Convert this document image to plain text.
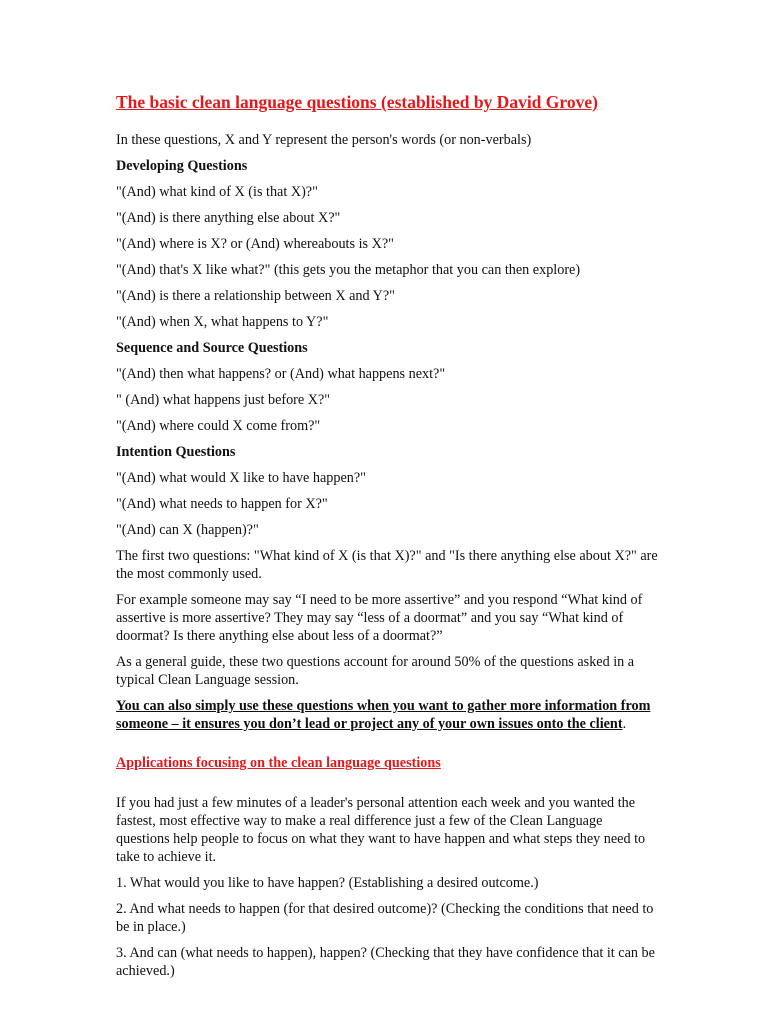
The basic clean language questions (established by David Grove)

In these questions, X and Y represent the person's words (or non-verbals)

Developing Questions

"(And) what kind of X (is that X)?"

"(And) is there anything else about X?"

"(And) where is X? or (And) whereabouts is X?"

"(And) that's X like what?" (this gets you the metaphor that you can then explore)

"(And) is there a relationship between X and Y?"

"(And) when X, what happens to Y?"

Sequence and Source Questions

"(And) then what happens? or (And) what happens next?"

" (And) what happens just before X?"

"(And) where could X come from?"

Intention Questions

"(And) what would X like to have happen?"

"(And) what needs to happen for X?"

"(And) can X (happen)?"

The first two questions: "What kind of X (is that X)?" and "Is there anything else about X?" are the most commonly used.

For example someone may say “I need to be more assertive” and you respond “What kind of assertive is more assertive? They may say “less of a doormat” and you say “What kind of doormat? Is there anything else about less of a doormat?”

As a general guide, these two questions account for around 50% of the questions asked in a typical Clean Language session.

You can also simply use these questions when you want to gather more information from someone – it ensures you don’t lead or project any of your own issues onto the client.

Applications focusing on the clean language questions

If you had just a few minutes of a leader's personal attention each week and you wanted the fastest, most effective way to make a real difference just a few of the Clean Language questions help people to focus on what they want to have happen and what steps they need to take to achieve it.

1. What would you like to have happen? (Establishing a desired outcome.)

2. And what needs to happen (for that desired outcome)? (Checking the conditions that need to be in place.)

3. And can (what needs to happen), happen? (Checking that they have confidence that it can be achieved.)
